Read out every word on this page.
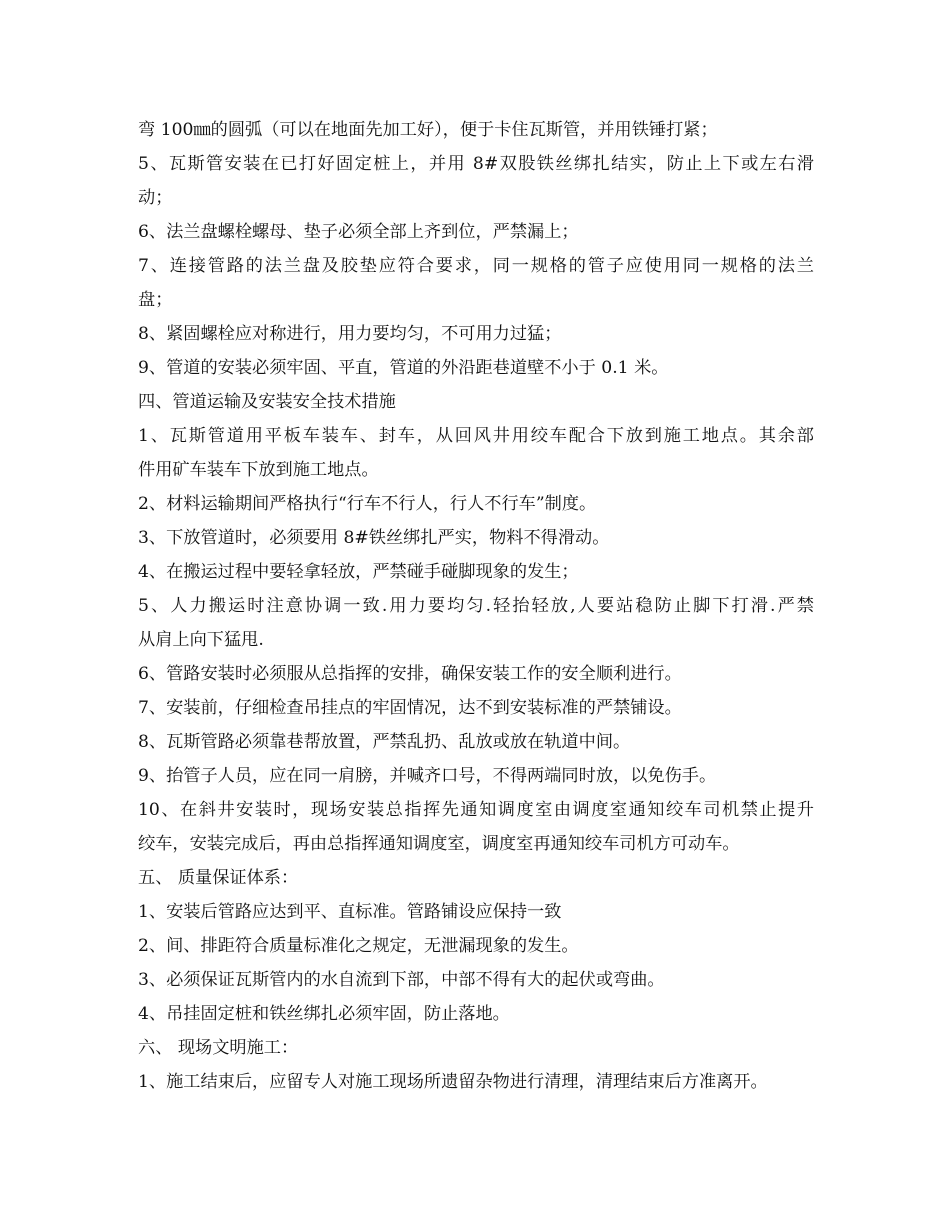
弯 100㎜的圆弧（可以在地面先加工好），便于卡住瓦斯管，并用铁锤打紧；
5、瓦斯管安装在已打好固定桩上，并用 8#双股铁丝绑扎结实，防止上下或左右滑
动；
6、法兰盘螺栓螺母、垫子必须全部上齐到位，严禁漏上；
7、连接管路的法兰盘及胶垫应符合要求，同一规格的管子应使用同一规格的法兰
盘；
8、紧固螺栓应对称进行，用力要均匀，不可用力过猛；
9、管道的安装必须牢固、平直，管道的外沿距巷道壁不小于 0.1 米。
四、管道运输及安装安全技术措施
1、瓦斯管道用平板车装车、封车，从回风井用绞车配合下放到施工地点。其余部
件用矿车装车下放到施工地点。
2、材料运输期间严格执行“行车不行人，行人不行车”制度。
3、下放管道时，必须要用 8#铁丝绑扎严实，物料不得滑动。
4、在搬运过程中要轻拿轻放，严禁碰手碰脚现象的发生；
5、人力搬运时注意协调一致.用力要均匀.轻抬轻放,人要站稳防止脚下打滑.严禁
从肩上向下猛甩.
6、管路安装时必须服从总指挥的安排，确保安装工作的安全顺利进行。
7、安装前，仔细检查吊挂点的牢固情况，达不到安装标准的严禁铺设。
8、瓦斯管路必须靠巷帮放置，严禁乱扔、乱放或放在轨道中间。
9、抬管子人员，应在同一肩膀，并喊齐口号，不得两端同时放，以免伤手。
10、在斜井安装时，现场安装总指挥先通知调度室由调度室通知绞车司机禁止提升
绞车，安装完成后，再由总指挥通知调度室，调度室再通知绞车司机方可动车。
五、 质量保证体系：
1、安装后管路应达到平、直标准。管路铺设应保持一致
2、间、排距符合质量标准化之规定，无泄漏现象的发生。
3、必须保证瓦斯管内的水自流到下部，中部不得有大的起伏或弯曲。
4、吊挂固定桩和铁丝绑扎必须牢固，防止落地。
六、 现场文明施工：
1、施工结束后，应留专人对施工现场所遗留杂物进行清理，清理结束后方准离开。
